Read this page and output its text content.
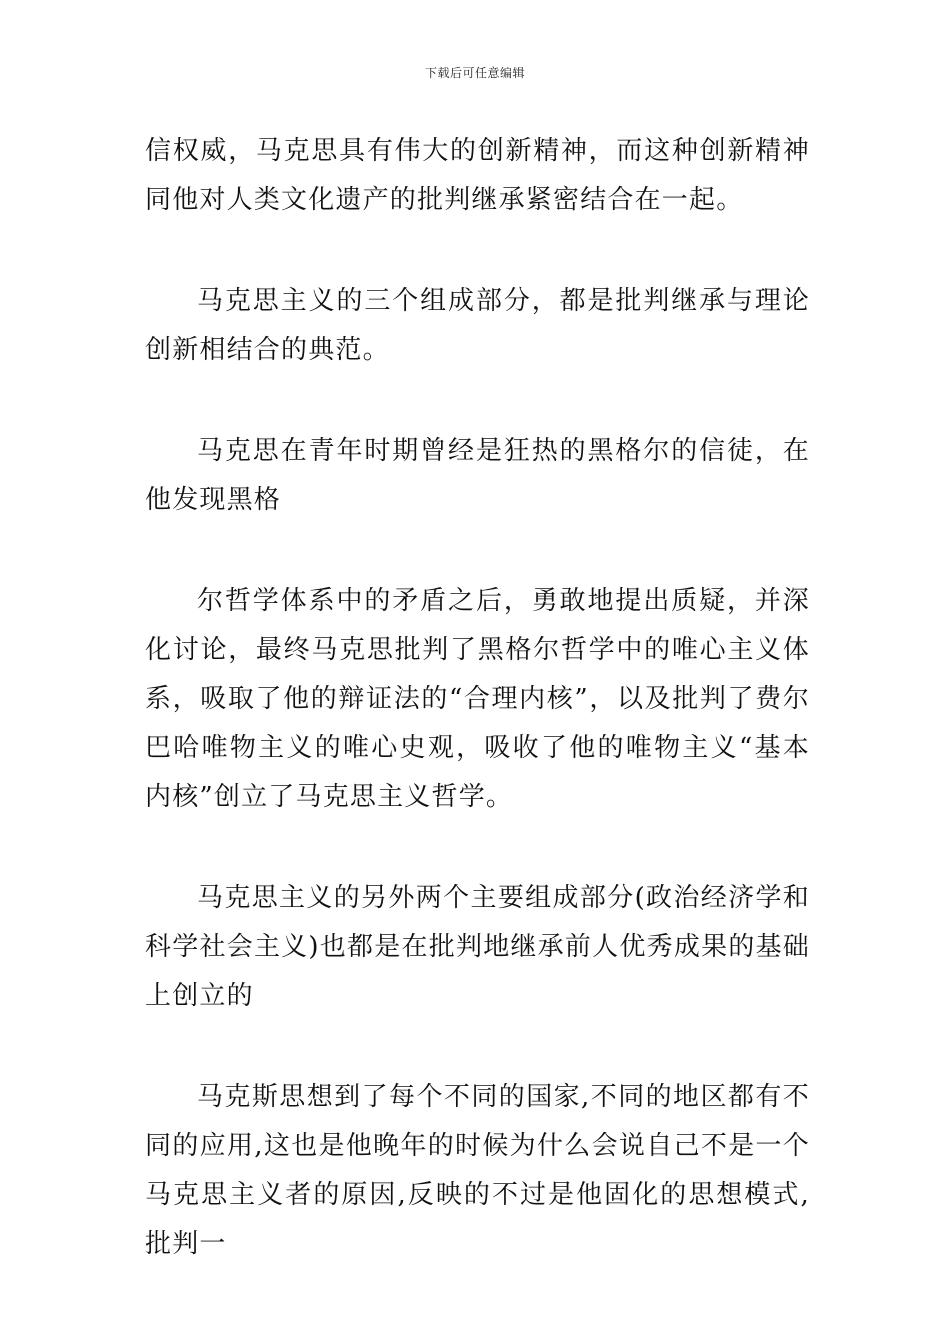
下载后可任意编辑

信权威，马克思具有伟大的创新精神，而这种创新精神同他对人类文化遗产的批判继承紧密结合在一起。

马克思主义的三个组成部分，都是批判继承与理论创新相结合的典范。

马克思在青年时期曾经是狂热的黑格尔的信徒，在他发现黑格

尔哲学体系中的矛盾之后，勇敢地提出质疑，并深化讨论，最终马克思批判了黑格尔哲学中的唯心主义体系，吸取了他的辩证法的“合理内核”，以及批判了费尔巴哈唯物主义的唯心史观，吸收了他的唯物主义“基本内核”创立了马克思主义哲学。

马克思主义的另外两个主要组成部分(政治经济学和科学社会主义)也都是在批判地继承前人优秀成果的基础上创立的

马克斯思想到了每个不同的国家,不同的地区都有不同的应用,这也是他晚年的时候为什么会说自己不是一个马克思主义者的原因,反映的不过是他固化的思想模式,批判一
